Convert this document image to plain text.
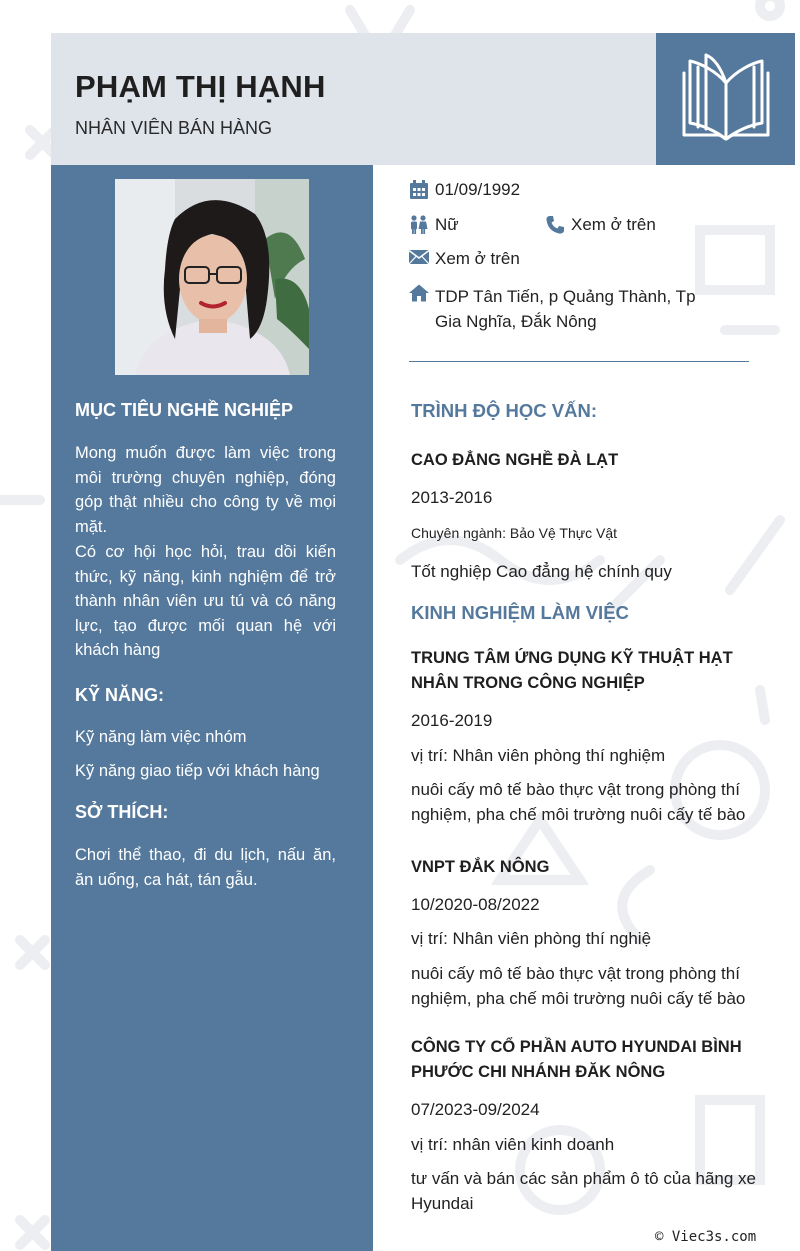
PHẠM THỊ HẠNH
NHÂN VIÊN BÁN HÀNG
MỤC TIÊU NGHỀ NGHIỆP
Mong muốn được làm việc trong môi trường chuyên nghiệp, đóng góp thật nhiều cho công ty về mọi mặt.
Có cơ hội học hỏi, trau dồi kiến thức, kỹ năng, kinh nghiệm để trở thành nhân viên ưu tú và có năng lực, tạo được mối quan hệ với khách hàng
KỸ NĂNG:
Kỹ năng làm việc nhóm
Kỹ năng giao tiếp với khách hàng
SỞ THÍCH:
Chơi thể thao, đi du lịch, nấu ăn, ăn uống, ca hát, tán gẫu.
01/09/1992
Nữ	Xem ở trên
Xem ở trên
TDP Tân Tiến, p Quảng Thành, Tp
Gia Nghĩa, Đắk Nông
TRÌNH ĐỘ HỌC VẤN:
CAO ĐẲNG NGHỀ ĐÀ LẠT
2013-2016
Chuyên ngành: Bảo Vệ Thực Vật
Tốt nghiệp Cao đẳng hệ chính quy
KINH NGHIỆM LÀM VIỆC
TRUNG TÂM ỨNG DỤNG KỸ THUẬT HẠT NHÂN TRONG CÔNG NGHIỆP
2016-2019
vị trí: Nhân viên phòng thí nghiệm
nuôi cấy mô tế bào thực vật trong phòng thí nghiệm, pha chế môi trường nuôi cấy tế bào
VNPT ĐẮK NÔNG
10/2020-08/2022
vị trí: Nhân viên phòng thí nghiệ
nuôi cấy mô tế bào thực vật trong phòng thí nghiệm, pha chế môi trường nuôi cấy tế bào
CÔNG TY CỔ PHẦN AUTO HYUNDAI BÌNH PHƯỚC CHI NHÁNH ĐĂK NÔNG
07/2023-09/2024
vị trí: nhân viên kinh doanh
tư vấn và bán các sản phẩm ô tô của hãng xe Hyundai
© Viec3s.com
